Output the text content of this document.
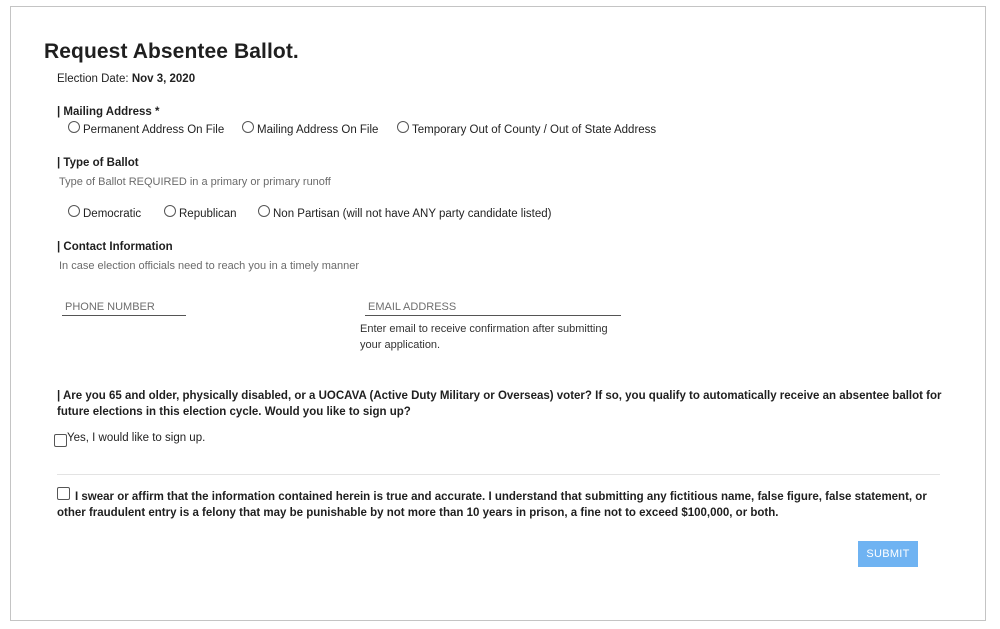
Request Absentee Ballot.
Election Date: Nov 3, 2020
| Mailing Address *
Permanent Address On File	Mailing Address On File	Temporary Out of County / Out of State Address
| Type of Ballot
Type of Ballot REQUIRED in a primary or primary runoff
Democratic	Republican	Non Partisan (will not have ANY party candidate listed)
| Contact Information
In case election officials need to reach you in a timely manner
PHONE NUMBER
EMAIL ADDRESS
Enter email to receive confirmation after submitting your application.
| Are you 65 and older, physically disabled, or a UOCAVA (Active Duty Military or Overseas) voter? If so, you qualify to automatically receive an absentee ballot for future elections in this election cycle. Would you like to sign up?
Yes, I would like to sign up.
I swear or affirm that the information contained herein is true and accurate. I understand that submitting any fictitious name, false figure, false statement, or other fraudulent entry is a felony that may be punishable by not more than 10 years in prison, a fine not to exceed $100,000, or both.
SUBMIT
